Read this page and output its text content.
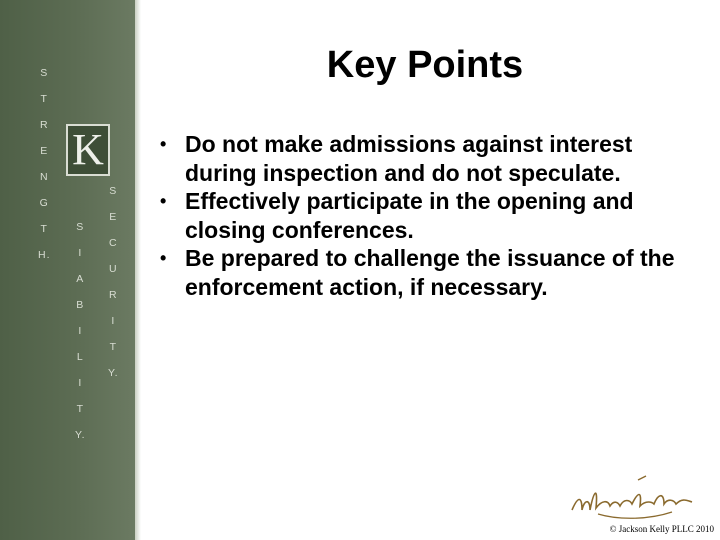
S
T
R
E
N
G
T
H.
S
I
A
B
I
L
I
T
Y.
S
E
C
U
R
I
T
Y.
K
Key Points
• Do not make admissions against interest during inspection and do not speculate.
• Effectively participate in the opening and closing conferences.
• Be prepared to challenge the issuance of the enforcement action, if necessary.
© Jackson Kelly PLLC 2010
